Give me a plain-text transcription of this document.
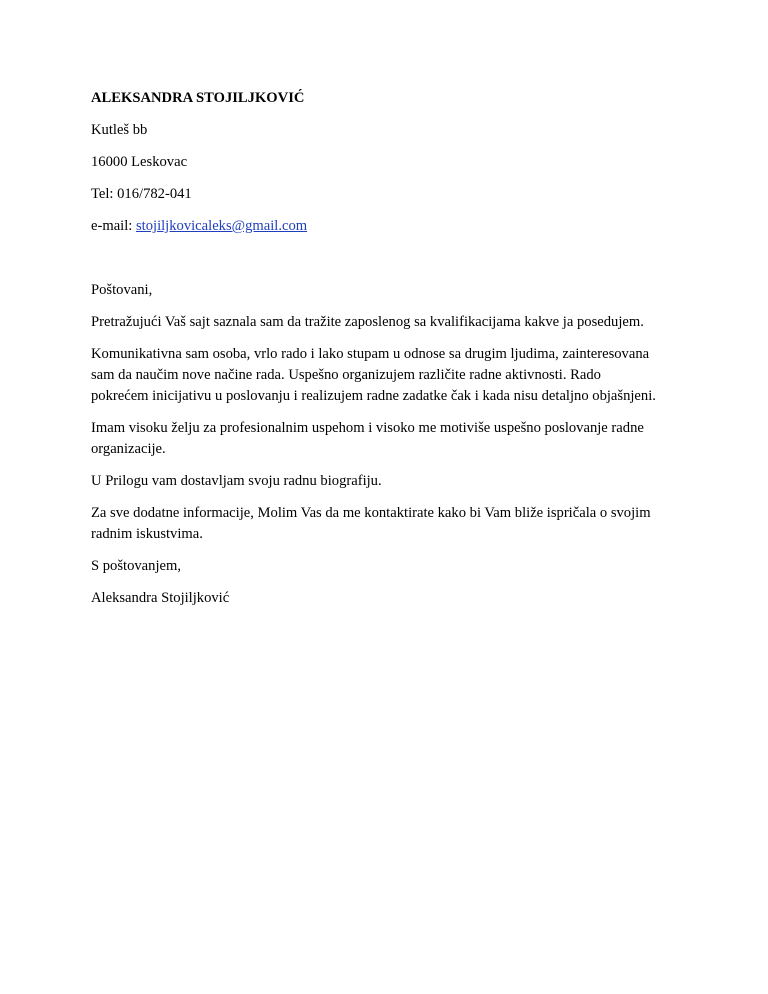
ALEKSANDRA STOJILJKOVIĆ

Kutleš bb

16000 Leskovac

Tel: 016/782-041

e-mail: stojiljkovicaleks@gmail.com

Poštovani,

Pretražujući Vaš sajt saznala sam da tražite zaposlenog sa kvalifikacijama kakve ja posedujem.

Komunikativna sam osoba, vrlo rado i lako stupam u odnose sa drugim ljudima, zainteresovana

sam da naučim nove načine rada. Uspešno organizujem različite radne aktivnosti. Rado

pokrećem inicijativu u poslovanju i realizujem radne zadatke čak i kada nisu detaljno objašnjeni.

Imam visoku želju za profesionalnim uspehom i visoko me motiviše uspešno poslovanje radne

organizacije.

U Prilogu vam dostavljam svoju radnu biografiju.

Za sve dodatne informacije, Molim Vas da me kontaktirate kako bi Vam bliže ispričala o svojim

radnim iskustvima.

S poštovanjem,

Aleksandra Stojiljković
